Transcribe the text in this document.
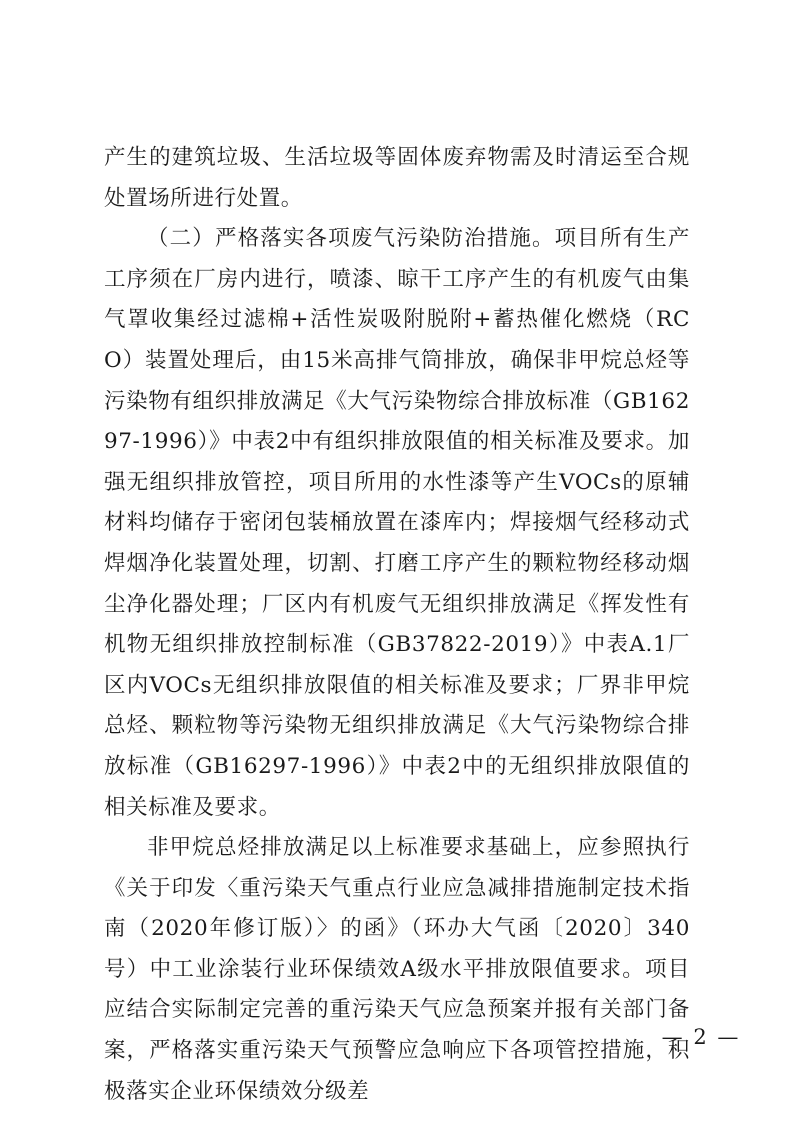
产生的建筑垃圾、生活垃圾等固体废弃物需及时清运至合规处置场所进行处置。

（二）严格落实各项废气污染防治措施。项目所有生产工序须在厂房内进行，喷漆、晾干工序产生的有机废气由集气罩收集经过滤棉+活性炭吸附脱附+蓄热催化燃烧（RCO）装置处理后，由15米高排气筒排放，确保非甲烷总烃等污染物有组织排放满足《大气污染物综合排放标准（GB16297-1996）》中表2中有组织排放限值的相关标准及要求。加强无组织排放管控，项目所用的水性漆等产生VOCs的原辅材料均储存于密闭包装桶放置在漆库内；焊接烟气经移动式焊烟净化装置处理，切割、打磨工序产生的颗粒物经移动烟尘净化器处理；厂区内有机废气无组织排放满足《挥发性有机物无组织排放控制标准（GB37822-2019）》中表A.1厂区内VOCs无组织排放限值的相关标准及要求；厂界非甲烷总烃、颗粒物等污染物无组织排放满足《大气污染物综合排放标准（GB16297-1996）》中表2中的无组织排放限值的相关标准及要求。

非甲烷总烃排放满足以上标准要求基础上，应参照执行《关于印发〈重污染天气重点行业应急减排措施制定技术指南（2020年修订版）〉的函》（环办大气函〔2020〕340号）中工业涂装行业环保绩效A级水平排放限值要求。项目应结合实际制定完善的重污染天气应急预案并报有关部门备案，严格落实重污染天气预警应急响应下各项管控措施，积极落实企业环保绩效分级差

— 2 —
